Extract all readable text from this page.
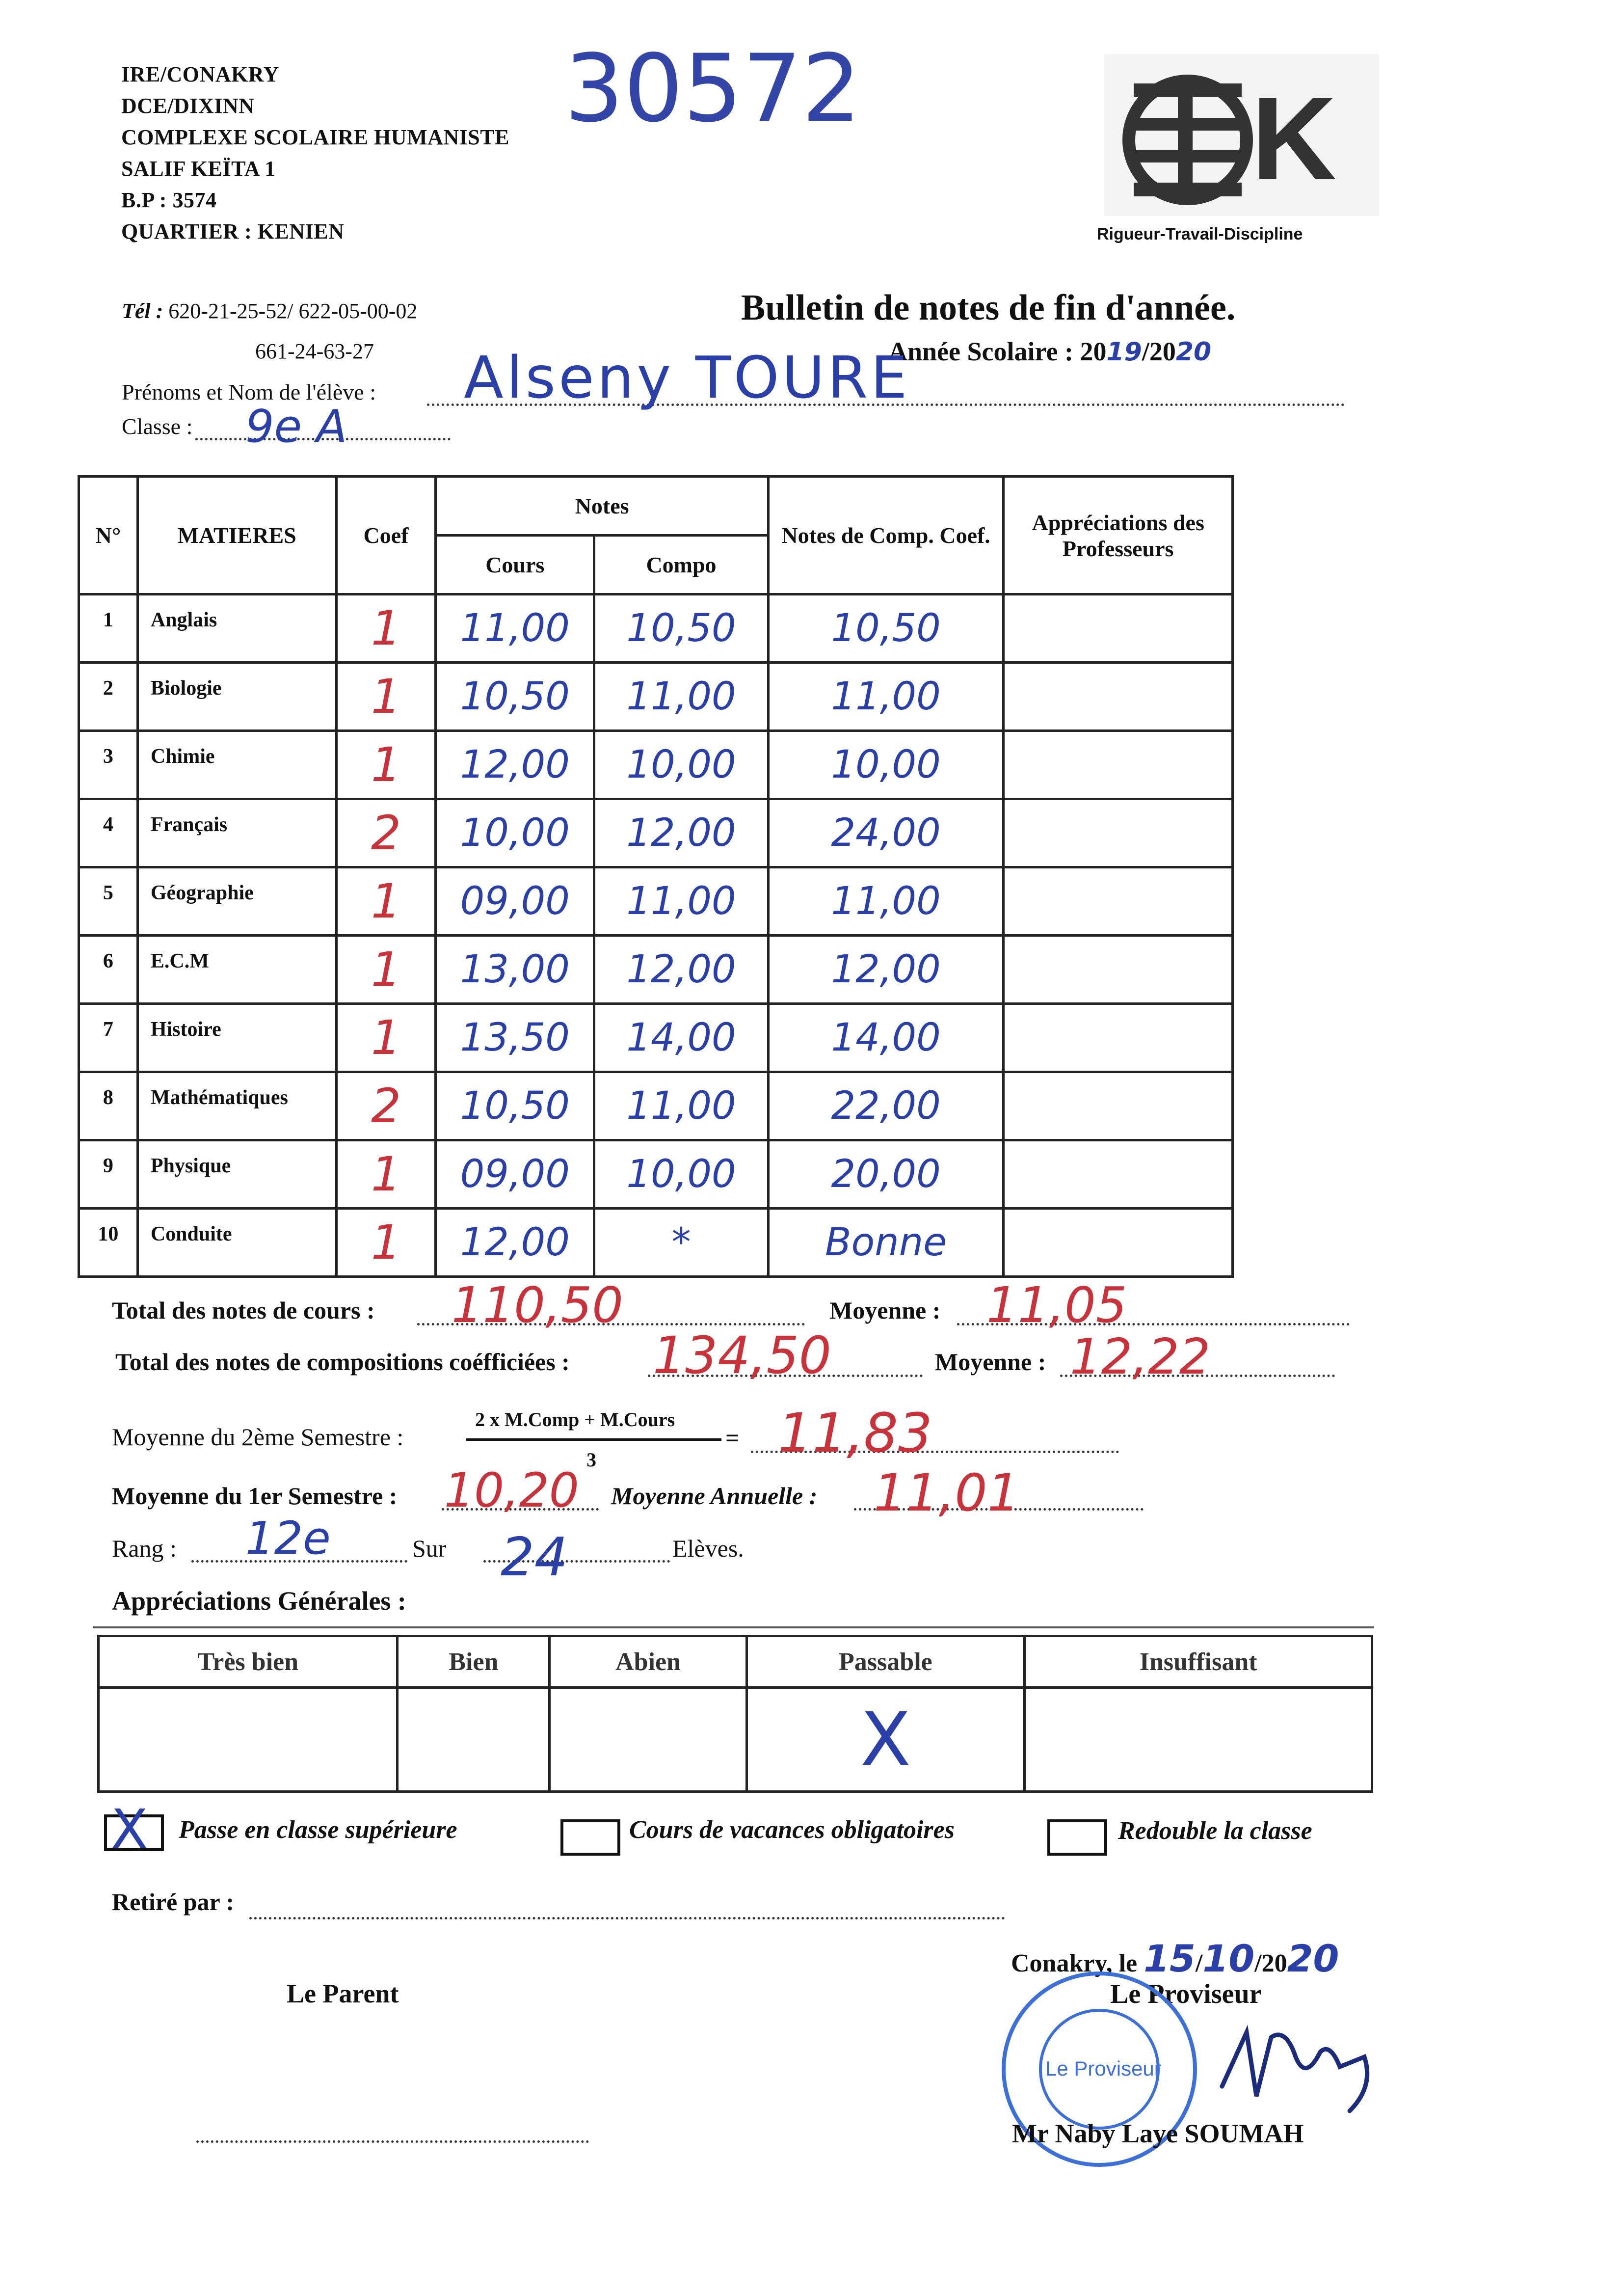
30572
IRE/CONAKRY
DCE/DIXINN
COMPLEXE SCOLAIRE HUMANISTE
SALIF KEÏTA 1
B.P : 3574
QUARTIER : KENIEN
K
Rigueur-Travail-Discipline
Tél : 620-21-25-52/ 622-05-00-02
661-24-63-27
Bulletin de notes de fin d'année.
Année Scolaire : 2019/2020
Prénoms et Nom de l'élève : Alseny TOURE
Classe : 9e A
N°	MATIERES	Coef	Notes		Notes de Comp. Coef.	Appréciations des Professeurs
			Cours	Compo		
1	Anglais	1	11,00	10,50	10,50	
2	Biologie	1	10,50	11,00	11,00	
3	Chimie	1	12,00	10,00	10,00	
4	Français	2	10,00	12,00	24,00	
5	Géographie	1	09,00	11,00	11,00	
6	E.C.M	1	13,00	12,00	12,00	
7	Histoire	1	13,50	14,00	14,00	
8	Mathématiques	2	10,50	11,00	22,00	
9	Physique	1	09,00	10,00	20,00	
10	Conduite	1	12,00	*	Bonne	
Total des notes de cours : 110,50	Moyenne : 11,05
Total des notes de compositions coéfficiées : 134,50	Moyenne : 12,22
Moyenne du 2ème Semestre :
2 x M.Comp + M.Cours
3
= 11,83
Moyenne du 1er Semestre : 10,20 Moyenne Annuelle : 11,01
Rang : 12e	Sur 24	Elèves.
Appréciations Générales :
Très bien	Bien	Abien	Passable	Insuffisant
			X	
X Passe en classe supérieure	Cours de vacances obligatoires	Redouble la classe
Retiré par :
Conakry, le 15/10/2020
Le Parent	Le Proviseur
Le Proviseur
Mr Naby Laye SOUMAH
